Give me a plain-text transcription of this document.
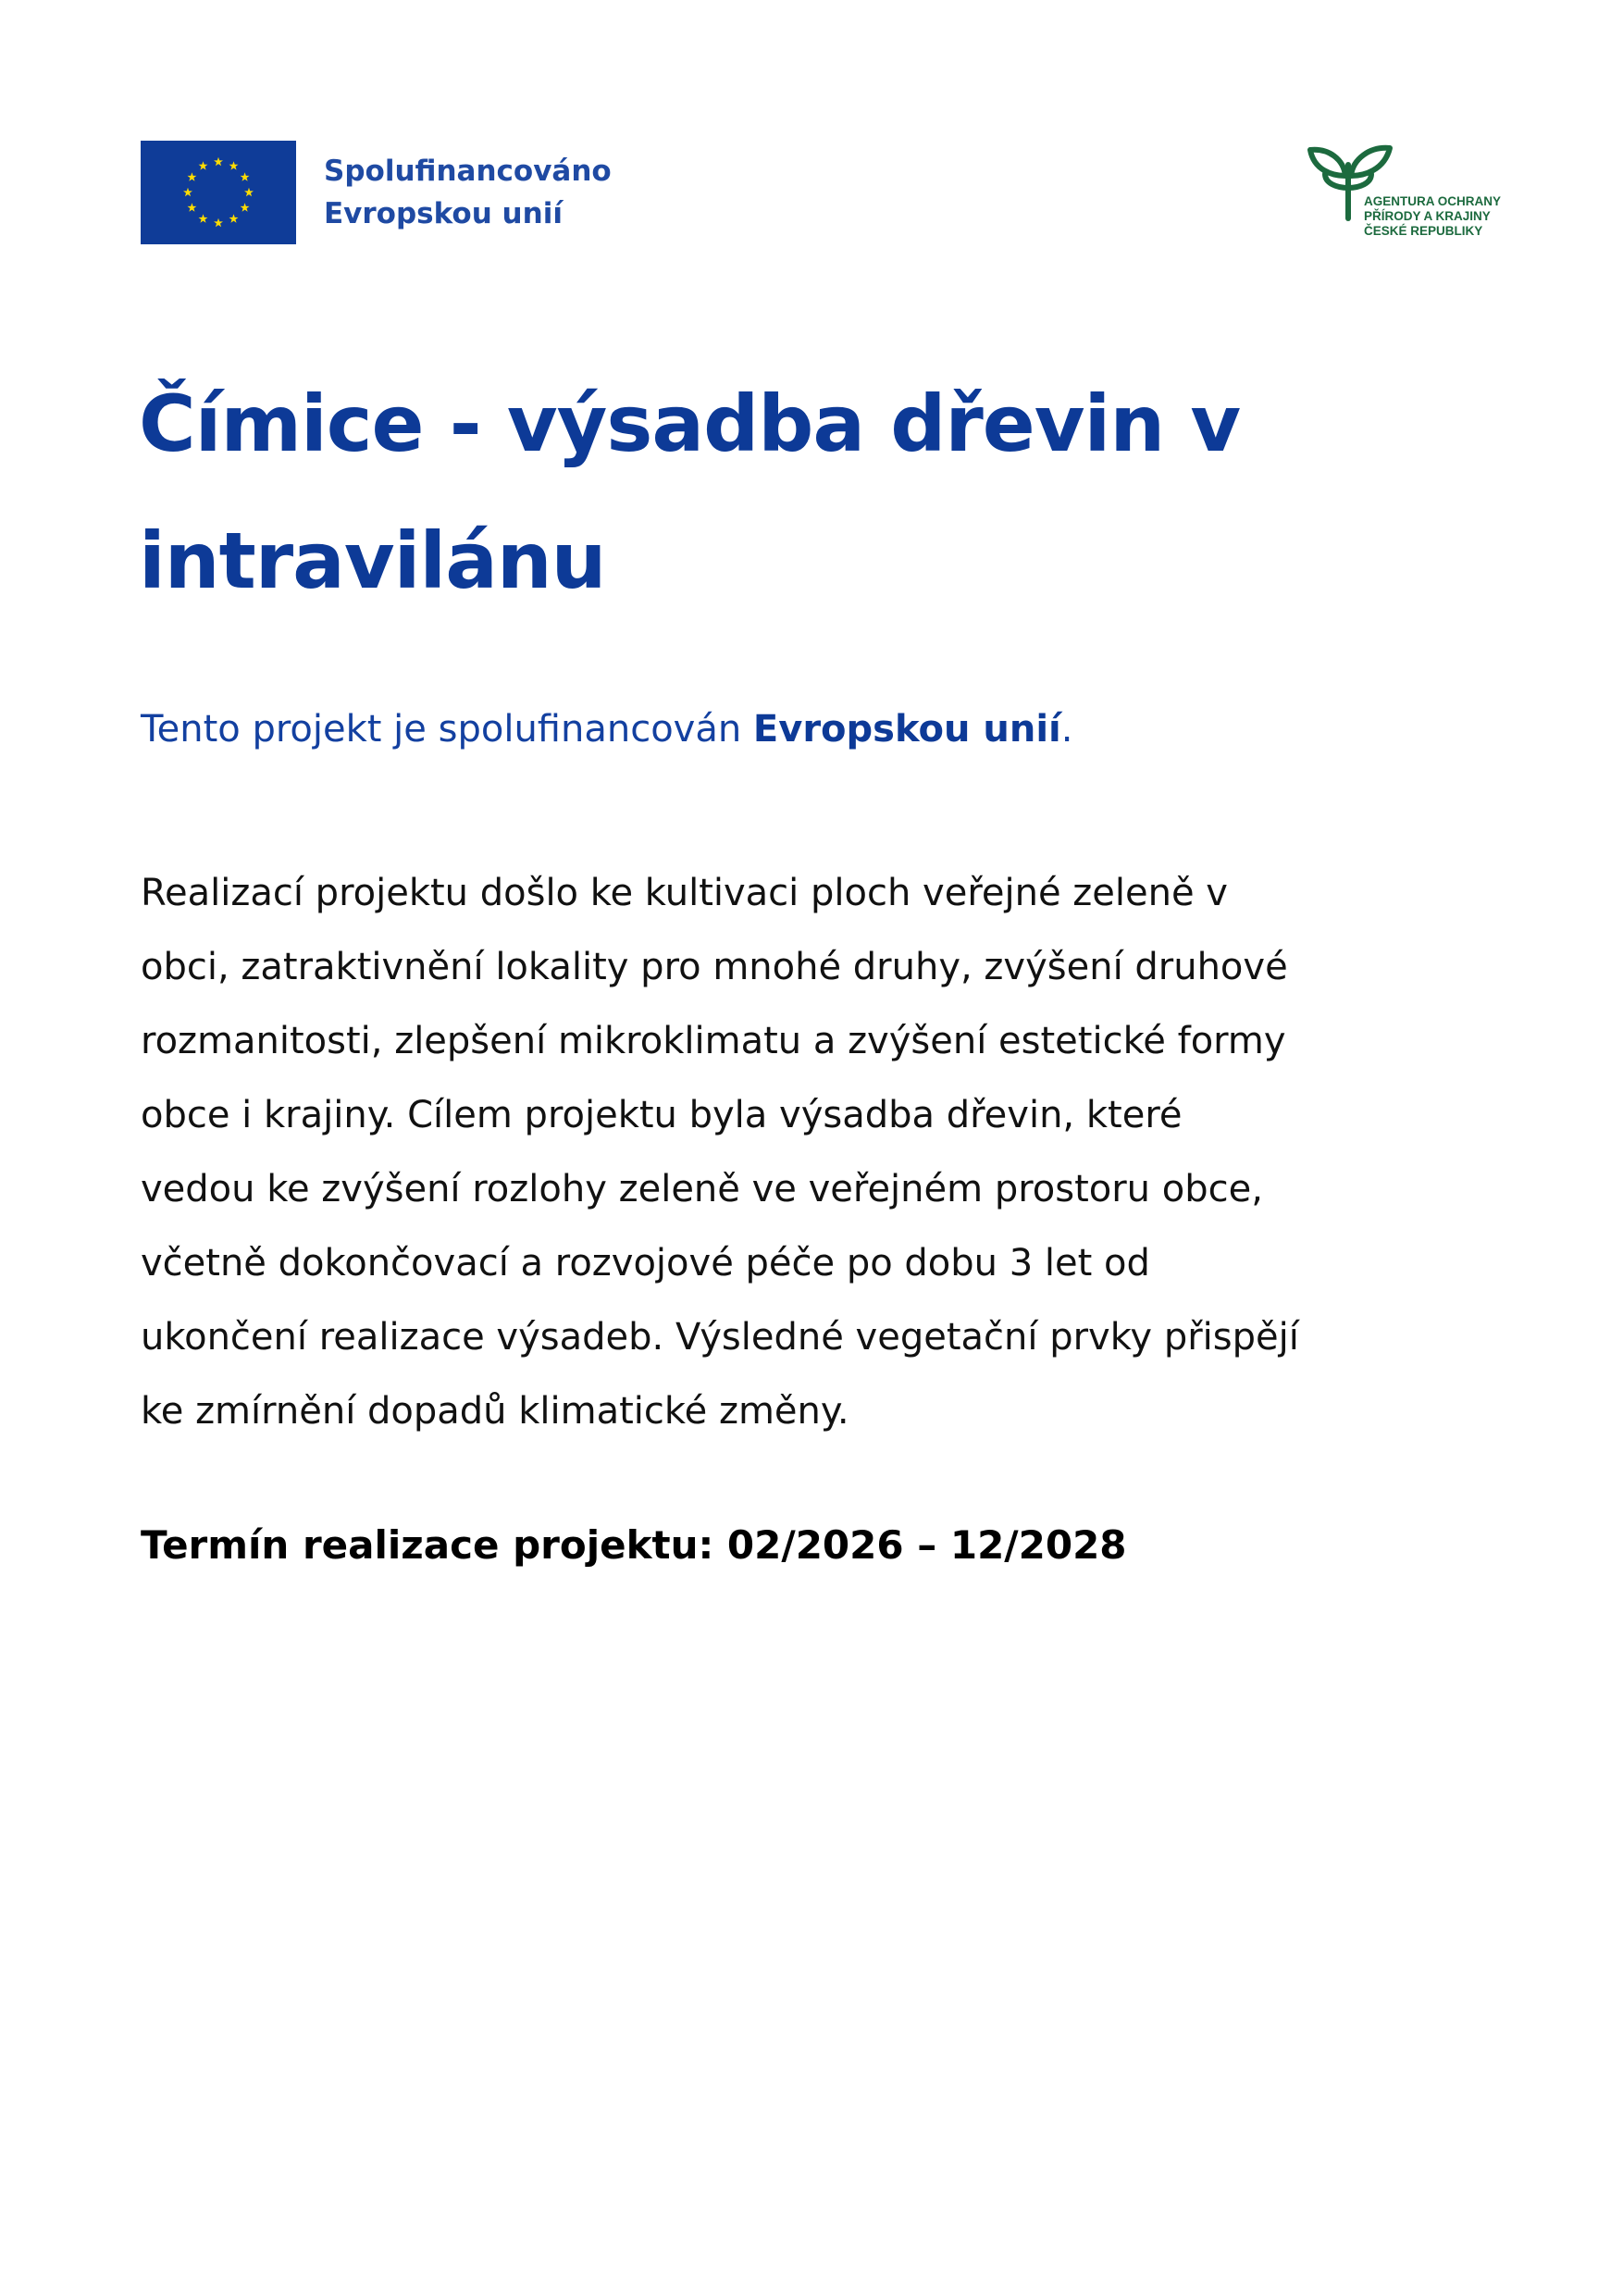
Spolufinancováno
Evropskou unií	AGENTURA OCHRANY
PŘÍRODY A KRAJINY
ČESKÉ REPUBLIKY
Čímice - výsadba dřevin v intravilánu

Tento projekt je spolufinancován Evropskou unií.

Realizací projektu došlo ke kultivaci ploch veřejné zeleně v
obci, zatraktivnění lokality pro mnohé druhy, zvýšení druhové
rozmanitosti, zlepšení mikroklimatu a zvýšení estetické formy
obce i krajiny. Cílem projektu byla výsadba dřevin, které
vedou ke zvýšení rozlohy zeleně ve veřejném prostoru obce,
včetně dokončovací a rozvojové péče po dobu 3 let od
ukončení realizace výsadeb. Výsledné vegetační prvky přispějí
ke zmírnění dopadů klimatické změny.

Termín realizace projektu: 02/2026 – 12/2028
